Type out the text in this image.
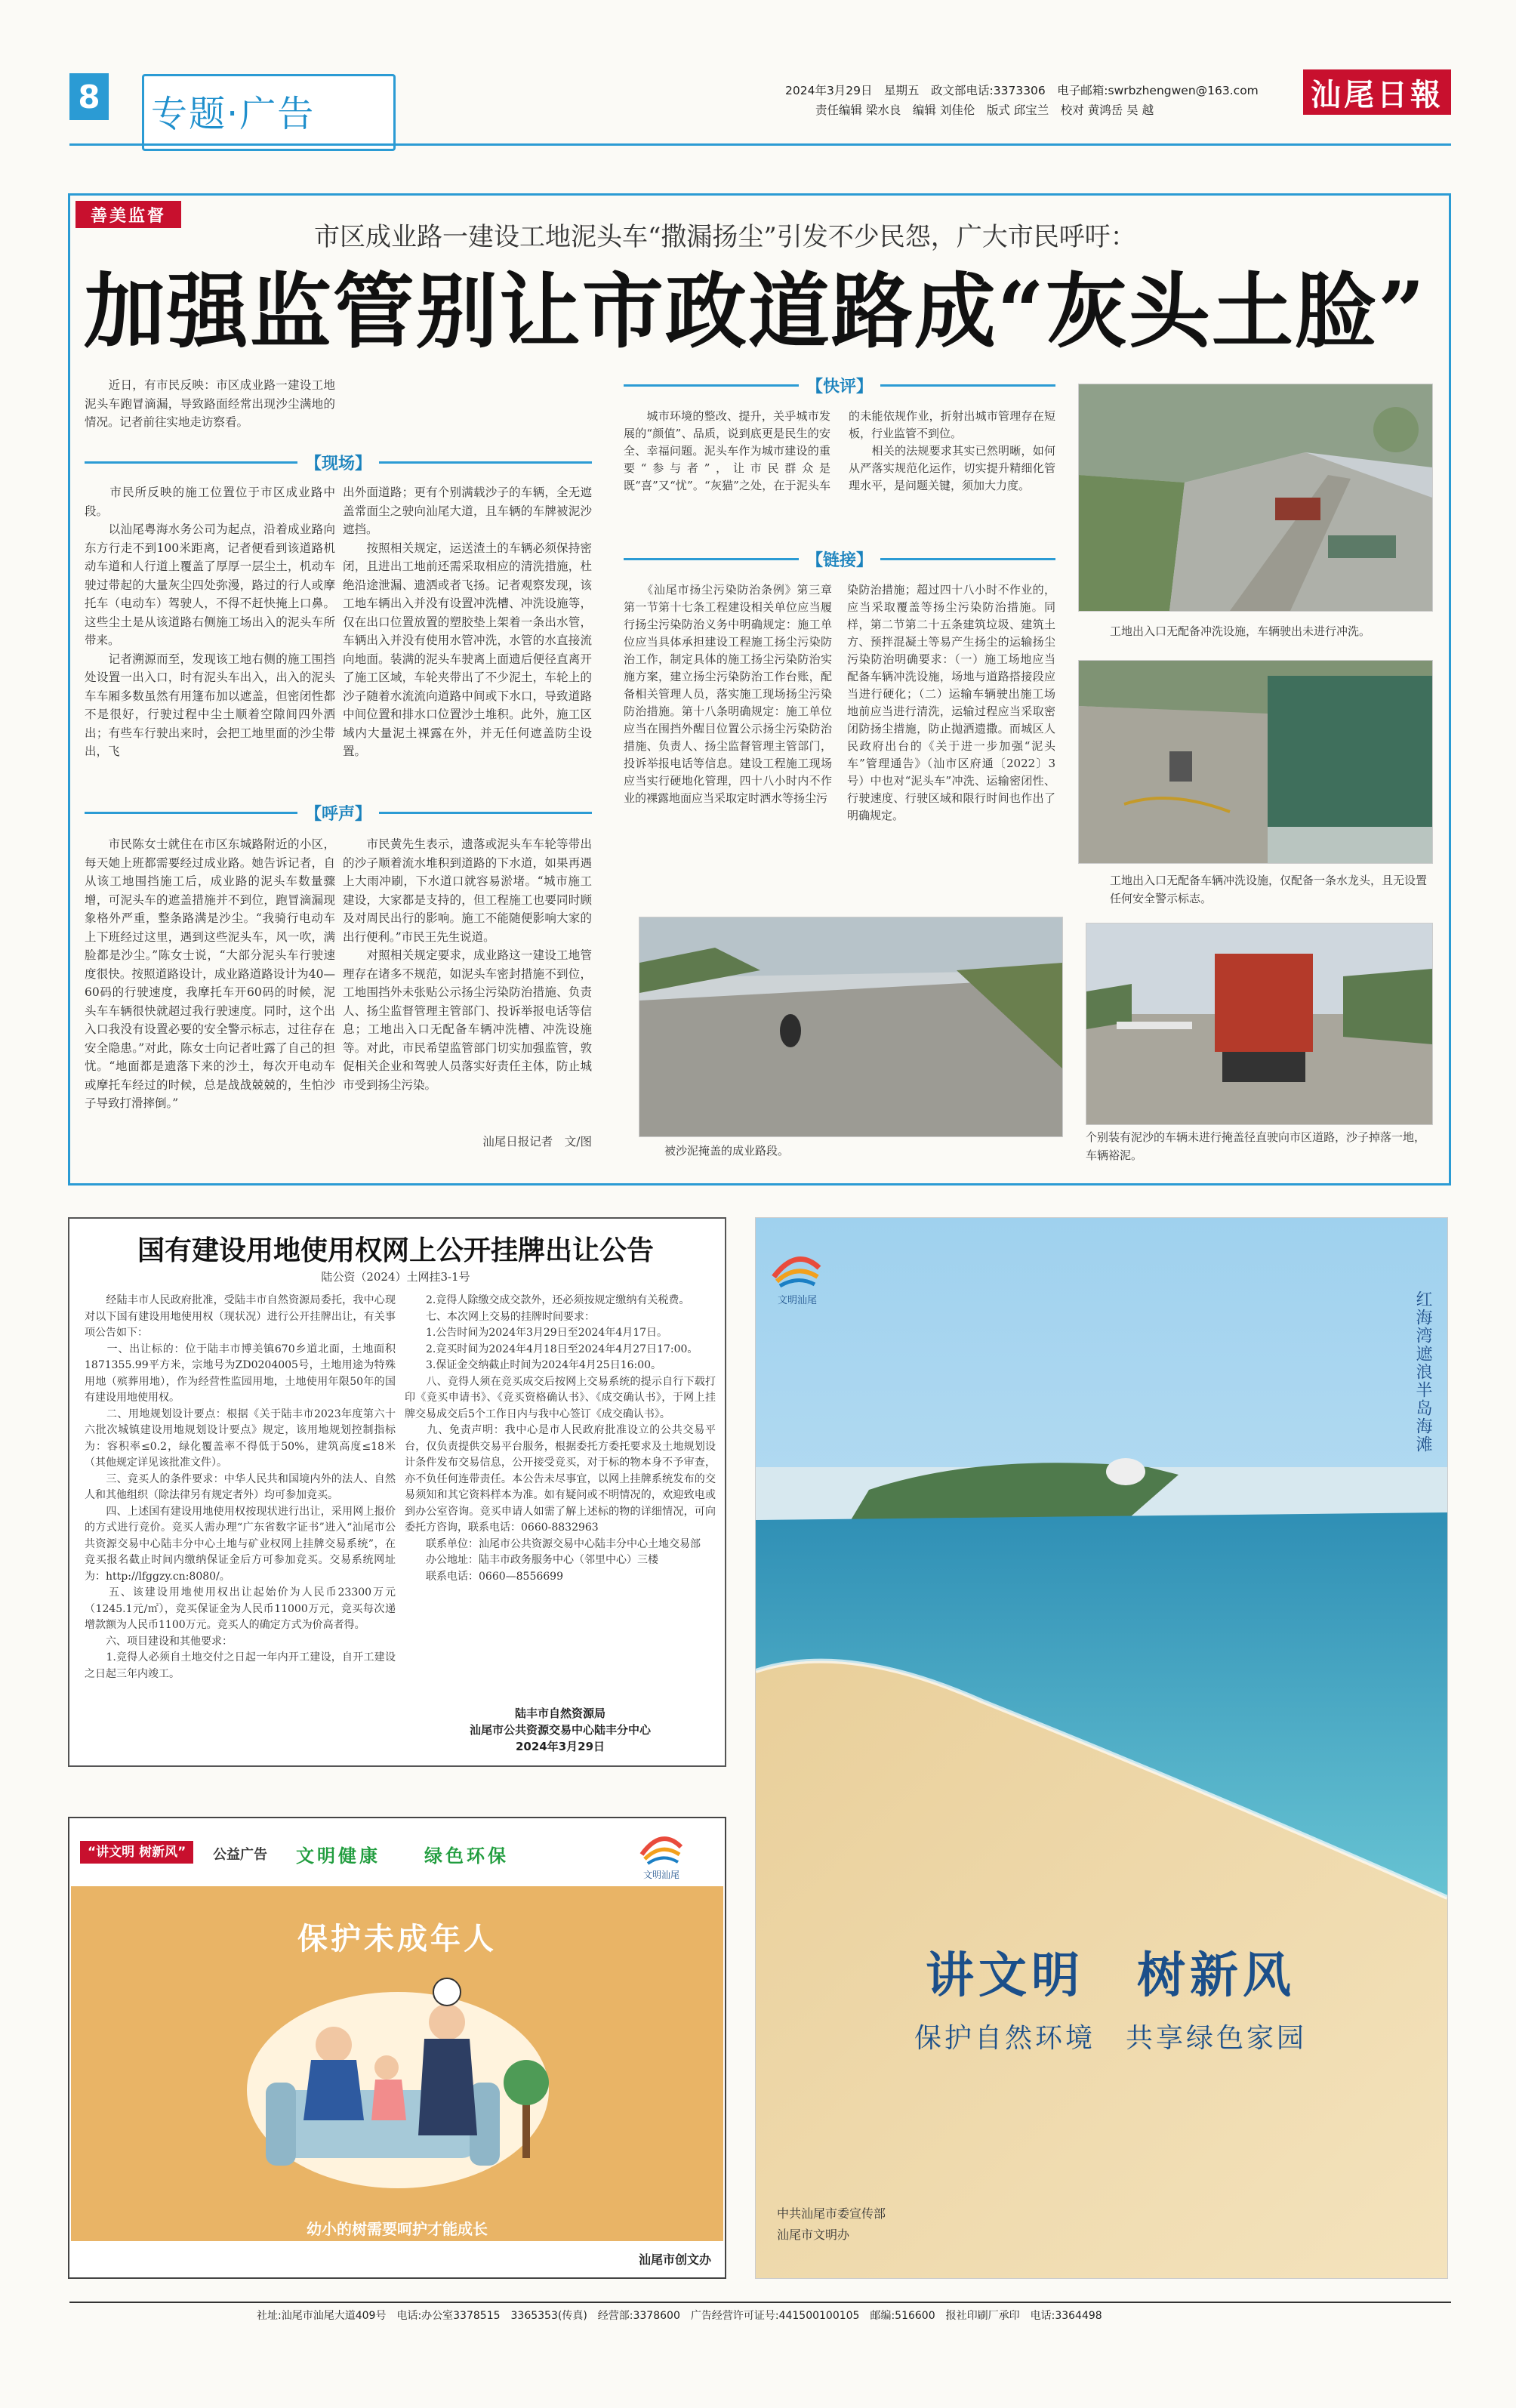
8 专题·广告
2024年3月29日　星期五　政文部电话:3373306　电子邮箱:swrbzhengwen@163.com
责任编辑 梁水良　编辑 刘佳伦　版式 邱宝兰　校对 黄鸿岳 吴 越	汕尾日報
善美监督
市区成业路一建设工地泥头车“撒漏扬尘”引发不少民怨，广大市民呼吁：
加强监管别让市政道路成“灰头土脸”
　　近日，有市民反映：市区成业路一建设工地泥头车跑冒滴漏，导致路面经常出现沙尘满地的情况。记者前往实地走访察看。
【现场】
　　市民所反映的施工位置位于市区成业路中段。
　　以汕尾粤海水务公司为起点，沿着成业路向东方行走不到100米距离，记者便看到该道路机动车道和人行道上覆盖了厚厚一层尘土，机动车驶过带起的大量灰尘四处弥漫，路过的行人或摩托车（电动车）驾驶人，不得不赶快掩上口鼻。这些尘土是从该道路右侧施工场出入的泥头车所带来。
　　记者溯源而至，发现该工地右侧的施工围挡处设置一出入口，时有泥头车出入，出入的泥头车车厢多数虽然有用篷布加以遮盖，但密闭性都不是很好，行驶过程中尘土顺着空隙间四外洒出；有些车行驶出来时，会把工地里面的沙尘带出，飞
出外面道路；更有个别满载沙子的车辆，全无遮盖常面尘之驶向汕尾大道，且车辆的车牌被泥沙遮挡。
　　按照相关规定，运送渣土的车辆必须保持密闭，且进出工地前还需采取相应的清洗措施，杜绝沿途泄漏、遗洒或者飞扬。记者观察发现，该工地车辆出入并没有设置冲洗槽、冲洗设施等，仅在出口位置放置的塑胶垫上架着一条出水管，车辆出入并没有使用水管冲洗，水管的水直接流向地面。装满的泥头车驶离上面遗后便径直离开了施工区域，车轮夹带出了不少泥土，车轮上的沙子随着水流流向道路中间或下水口，导致道路中间位置和排水口位置沙土堆积。此外，施工区域内大量泥土裸露在外，并无任何遮盖防尘设置。
【呼声】
　　市民陈女士就住在市区东城路附近的小区，每天她上班都需要经过成业路。她告诉记者，自从该工地围挡施工后，成业路的泥头车数量骤增，可泥头车的遮盖措施并不到位，跑冒滴漏现象格外严重，整条路满是沙尘。“我骑行电动车上下班经过这里，遇到这些泥头车，风一吹，满脸都是沙尘。”陈女士说，“大部分泥头车行驶速度很快。按照道路设计，成业路道路设计为40—60码的行驶速度，我摩托车开60码的时候，泥头车车辆很快就超过我行驶速度。同时，这个出入口我没有设置必要的安全警示标志，过往存在安全隐患。”对此，陈女士向记者吐露了自己的担忧。“地面都是遗落下来的沙土，每次开电动车或摩托车经过的时候，总是战战兢兢的，生怕沙子导致打滑摔倒。”
　　市民黄先生表示，遗落或泥头车车轮等带出的沙子顺着流水堆积到道路的下水道，如果再遇上大雨冲刷，下水道口就容易淤堵。“城市施工建设，大家都是支持的，但工程施工也要同时顾及对周民出行的影响。施工不能随便影响大家的出行便利。”市民王先生说道。
　　对照相关规定要求，成业路这一建设工地管理存在诸多不规范，如泥头车密封措施不到位，工地围挡外未张贴公示扬尘污染防治措施、负责人、扬尘监督管理主管部门、投诉举报电话等信息；工地出入口无配备车辆冲洗槽、冲洗设施等。对此，市民希望监管部门切实加强监管，敦促相关企业和驾驶人员落实好责任主体，防止城市受到扬尘污染。
汕尾日报记者　文/图
【快评】
　　城市环境的整改、提升，关乎城市发展的“颜值”、品质，说到底更是民生的安全、幸福问题。泥头车作为城市建设的重要“参与者”，让市民群众是既“喜”又“忧”。“灰猫”之处，在于泥头车的未能依规作业，折射出城市管理存在短板，行业监管不到位。
　　相关的法规要求其实已然明晰，如何从严落实规范化运作，切实提升精细化管理水平，是问题关键，须加大力度。
【链接】
　　《汕尾市扬尘污染防治条例》第三章第一节第十七条工程建设相关单位应当履行扬尘污染防治义务中明确规定：施工单位应当具体承担建设工程施工扬尘污染防治工作，制定具体的施工扬尘污染防治实施方案，建立扬尘污染防治工作台账，配备相关管理人员，落实施工现场扬尘污染防治措施。第十八条明确规定：施工单位应当在围挡外醒目位置公示扬尘污染防治措施、负责人、扬尘监督管理主管部门，投诉举报电话等信息。建设工程施工现场应当实行硬地化管理，四十八小时内不作业的裸露地面应当采取定时洒水等扬尘污
染防治措施；超过四十八小时不作业的，应当采取覆盖等扬尘污染防治措施。同样，第二节第二十五条建筑垃圾、建筑土方、预拌混凝土等易产生扬尘的运输扬尘污染防治明确要求：（一）施工场地应当配备车辆冲洗设施，场地与道路搭接段应当进行硬化；（二）运输车辆驶出施工场地前应当进行清洗，运输过程应当采取密闭防扬尘措施，防止抛洒遗撒。而城区人民政府出台的《关于进一步加强“泥头车”管理通告》（汕市区府通〔2022〕3号）中也对“泥头车”冲洗、运输密闭性、行驶速度、行驶区域和限行时间也作出了明确规定。
工地出入口无配备冲洗设施，车辆驶出未进行冲洗。
工地出入口无配备车辆冲洗设施，仅配备一条水龙头，且无设置任何安全警示标志。
被沙泥掩盖的成业路段。
个别装有泥沙的车辆未进行掩盖径直驶向市区道路，沙子掉落一地，车辆裕泥。
国有建设用地使用权网上公开挂牌出让公告
陆公资（2024）土网挂3-1号
　　经陆丰市人民政府批准，受陆丰市自然资源局委托，我中心现对以下国有建设用地使用权（现状况）进行公开挂牌出让，有关事项公告如下：
　　一、出让标的：位于陆丰市博美镇670乡道北面，土地面积1871355.99平方米，宗地号为ZD0204005号，土地用途为特殊用地（殡葬用地），作为经营性监园用地，土地使用年限50年的国有建设用地使用权。
　　二、用地规划设计要点：根据《关于陆丰市2023年度第六十六批次城镇建设用地规划设计要点》规定，该用地规划控制指标为：容积率≤0.2，绿化覆盖率不得低于50%，建筑高度≤18米（其他规定详见该批准文件）。
　　三、竞买人的条件要求：中华人民共和国境内外的法人、自然人和其他组织（除法律另有规定者外）均可参加竞买。
　　四、上述国有建设用地使用权按现状进行出让，采用网上报价的方式进行竞价。竞买人需办理“广东省数字证书”进入“汕尾市公共资源交易中心陆丰分中心土地与矿业权网上挂牌交易系统”，在竞买报名截止时间内缴纳保证金后方可参加竞买。交易系统网址为：http://lfggzy.cn:8080/。
　　五、该建设用地使用权出让起始价为人民币23300万元（1245.1元/㎡），竞买保证金为人民币11000万元，竞买每次递增款额为人民币1100万元。竞买人的确定方式为价高者得。
　　六、项目建设和其他要求：
　　1.竞得人必须自土地交付之日起一年内开工建设，自开工建设之日起三年内竣工。
　　2.竞得人除缴交成交款外，还必须按规定缴纳有关税费。
　　七、本次网上交易的挂牌时间要求：
　　1.公告时间为2024年3月29日至2024年4月17日。
　　2.竞买时间为2024年4月18日至2024年4月27日17:00。
　　3.保证金交纳截止时间为2024年4月25日16:00。
　　八、竞得人须在竞买成交后按网上交易系统的提示自行下载打印《竞买申请书》、《竞买资格确认书》、《成交确认书》，于网上挂牌交易成交后5个工作日内与我中心签订《成交确认书》。
　　九、免责声明：我中心是市人民政府批准设立的公共交易平台，仅负责提供交易平台服务，根据委托方委托要求及土地规划设计条件发布交易信息，公开接受竞买，对于标的物本身不予审查，亦不负任何连带责任。本公告未尽事宜，以网上挂牌系统发布的交易须知和其它资料样本为准。如有疑问或不明情况的，欢迎致电或到办公室咨询。竞买申请人如需了解上述标的物的详细情况，可向委托方咨询，联系电话：0660-8832963
　　联系单位：汕尾市公共资源交易中心陆丰分中心土地交易部
　　办公地址：陆丰市政务服务中心（邻里中心）三楼
　　联系电话：0660—8556699
陆丰市自然资源局
汕尾市公共资源交易中心陆丰分中心
2024年3月29日
“讲文明 树新风”	公益广告 文明健康 绿色环保
文明汕尾
保护未成年人
幼小的树需要呵护才能成长
汕尾市创文办
文明汕尾	红海湾遮浪半岛海滩
讲文明　树新风
保护自然环境　共享绿色家园
中共汕尾市委宣传部
汕尾市文明办
社址:汕尾市汕尾大道409号　电话:办公室3378515　3365353(传真)　经营部:3378600　广告经营许可证号:4415001001​05　邮编:516600　报社印刷厂承印　电话:3364498
